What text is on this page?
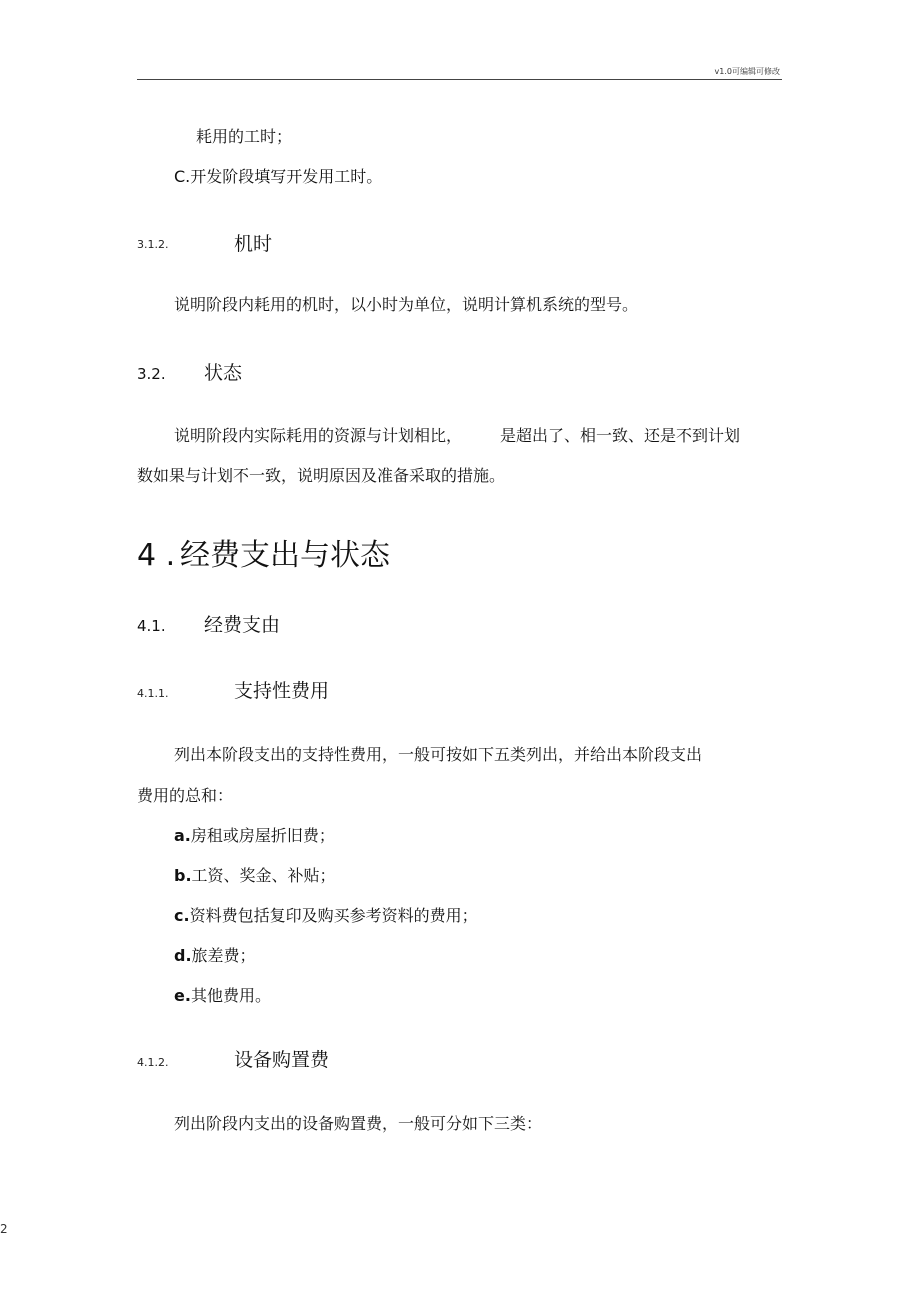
v1.0可编辑可修改
耗用的工时；
C.开发阶段填写开发用工时。
3.1.2.	机时
说明阶段内耗用的机时，以小时为单位，说明计算机系统的型号。
3.2. 状态
说明阶段内实际耗用的资源与计划相比， 是超出了、相一致、还是不到计划
数如果与计划不一致，说明原因及准备采取的措施。
4 . 经费支出与状态
4.1. 经费支由
4.1.1.	支持性费用
列出本阶段支出的支持性费用，一般可按如下五类列出，并给出本阶段支出
费用的总和：
a.房租或房屋折旧费；
b.工资、奖金、补贴；
c.资料费包括复印及购买参考资料的费用；
d.旅差费；
e.其他费用。
4.1.2.	设备购置费
列出阶段内支出的设备购置费，一般可分如下三类：
2
